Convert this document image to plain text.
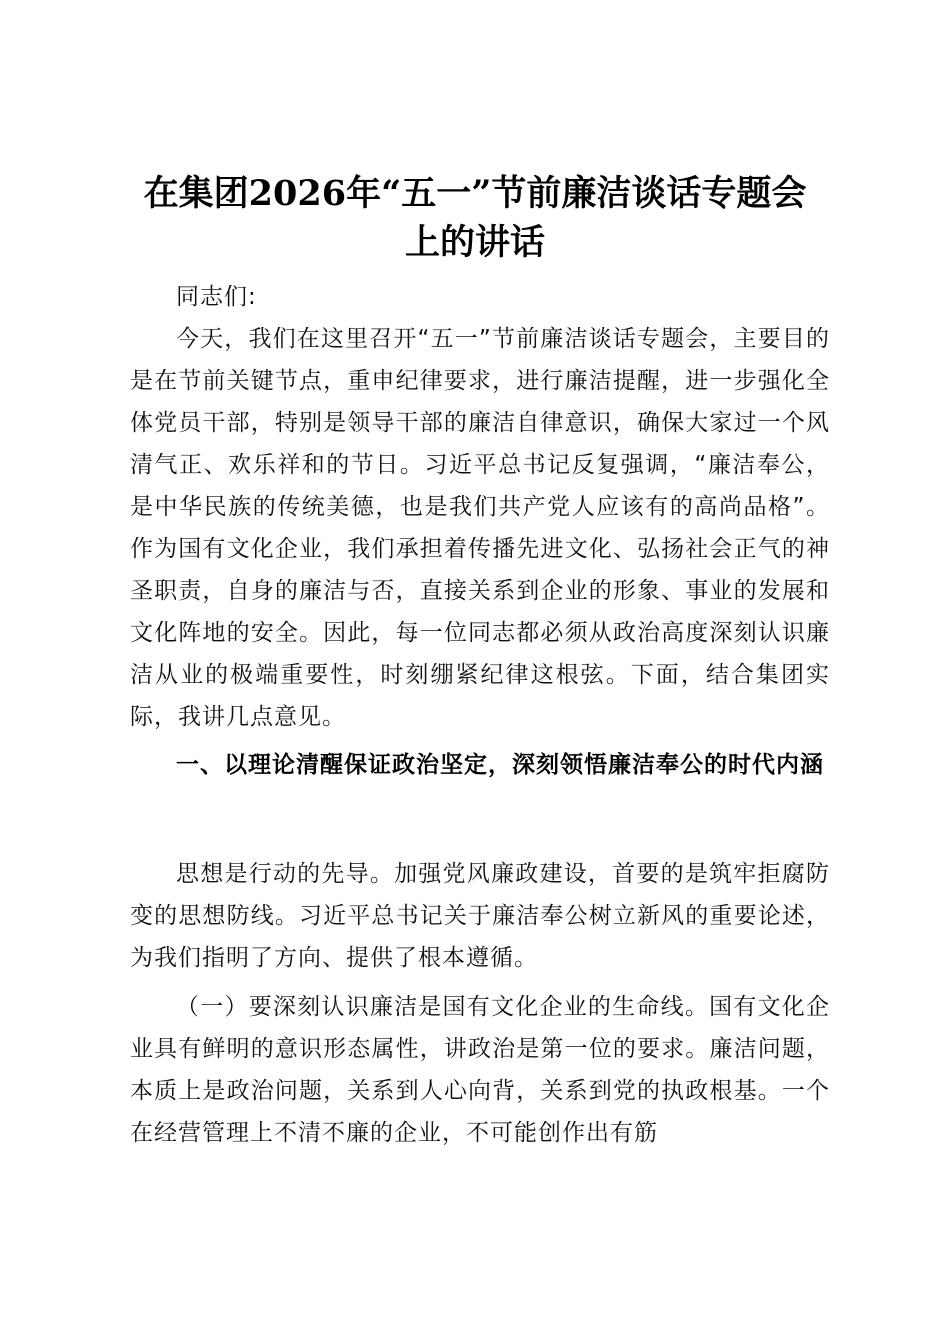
在集团2026年“五一”节前廉洁谈话专题会
上的讲话

同志们:

今天，我们在这里召开“五一”节前廉洁谈话专题会，主要目的是在节前关键节点，重申纪律要求，进行廉洁提醒，进一步强化全体党员干部，特别是领导干部的廉洁自律意识，确保大家过一个风清气正、欢乐祥和的节日。习近平总书记反复强调，“廉洁奉公，是中华民族的传统美德，也是我们共产党人应该有的高尚品格”。作为国有文化企业，我们承担着传播先进文化、弘扬社会正气的神圣职责，自身的廉洁与否，直接关系到企业的形象、事业的发展和文化阵地的安全。因此，每一位同志都必须从政治高度深刻认识廉洁从业的极端重要性，时刻绷紧纪律这根弦。下面，结合集团实际，我讲几点意见。

一、以理论清醒保证政治坚定，深刻领悟廉洁奉公的时代内涵

思想是行动的先导。加强党风廉政建设，首要的是筑牢拒腐防变的思想防线。习近平总书记关于廉洁奉公树立新风的重要论述，为我们指明了方向、提供了根本遵循。

（一）要深刻认识廉洁是国有文化企业的生命线。国有文化企业具有鲜明的意识形态属性，讲政治是第一位的要求。廉洁问题，本质上是政治问题，关系到人心向背，关系到党的执政根基。一个在经营管理上不清不廉的企业，不可能创作出有筋
